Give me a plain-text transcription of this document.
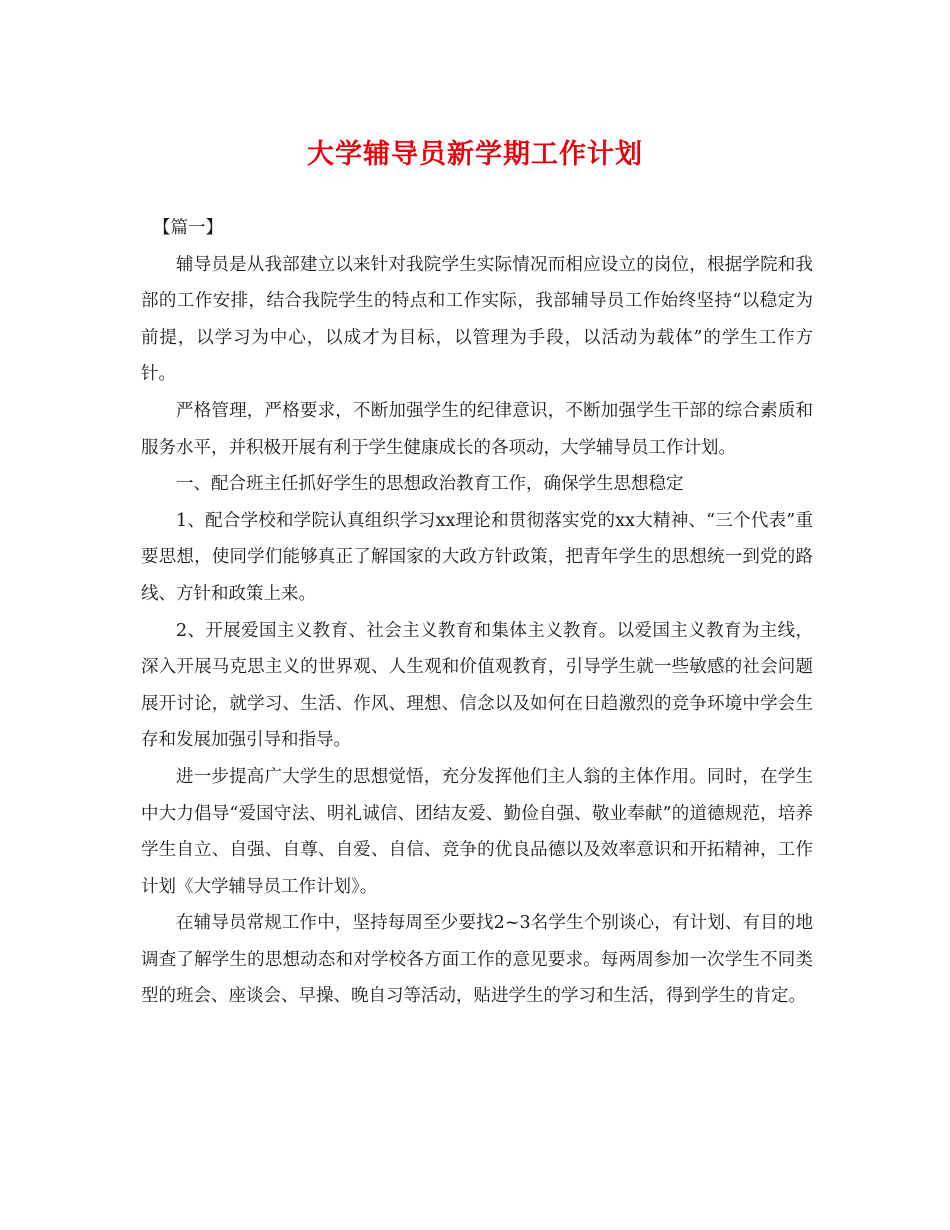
大学辅导员新学期工作计划

【篇一】

辅导员是从我部建立以来针对我院学生实际情况而相应设立的岗位，根据学院和我部的工作安排，结合我院学生的特点和工作实际，我部辅导员工作始终坚持“以稳定为前提，以学习为中心，以成才为目标，以管理为手段，以活动为载体”的学生工作方针。

严格管理，严格要求，不断加强学生的纪律意识，不断加强学生干部的综合素质和服务水平，并积极开展有利于学生健康成长的各项动，大学辅导员工作计划。

一、配合班主任抓好学生的思想政治教育工作，确保学生思想稳定

1、配合学校和学院认真组织学习xx理论和贯彻落实党的xx大精神、“三个代表”重要思想，使同学们能够真正了解国家的大政方针政策，把青年学生的思想统一到党的路线、方针和政策上来。

2、开展爱国主义教育、社会主义教育和集体主义教育。以爱国主义教育为主线，深入开展马克思主义的世界观、人生观和价值观教育，引导学生就一些敏感的社会问题展开讨论，就学习、生活、作风、理想、信念以及如何在日趋激烈的竞争环境中学会生存和发展加强引导和指导。

进一步提高广大学生的思想觉悟，充分发挥他们主人翁的主体作用。同时，在学生中大力倡导“爱国守法、明礼诚信、团结友爱、勤俭自强、敬业奉献”的道德规范，培养学生自立、自强、自尊、自爱、自信、竞争的优良品德以及效率意识和开拓精神，工作计划《大学辅导员工作计划》。

在辅导员常规工作中，坚持每周至少要找2~3名学生个别谈心，有计划、有目的地调查了解学生的思想动态和对学校各方面工作的意见要求。每两周参加一次学生不同类型的班会、座谈会、早操、晚自习等活动，贴进学生的学习和生活，得到学生的肯定。
